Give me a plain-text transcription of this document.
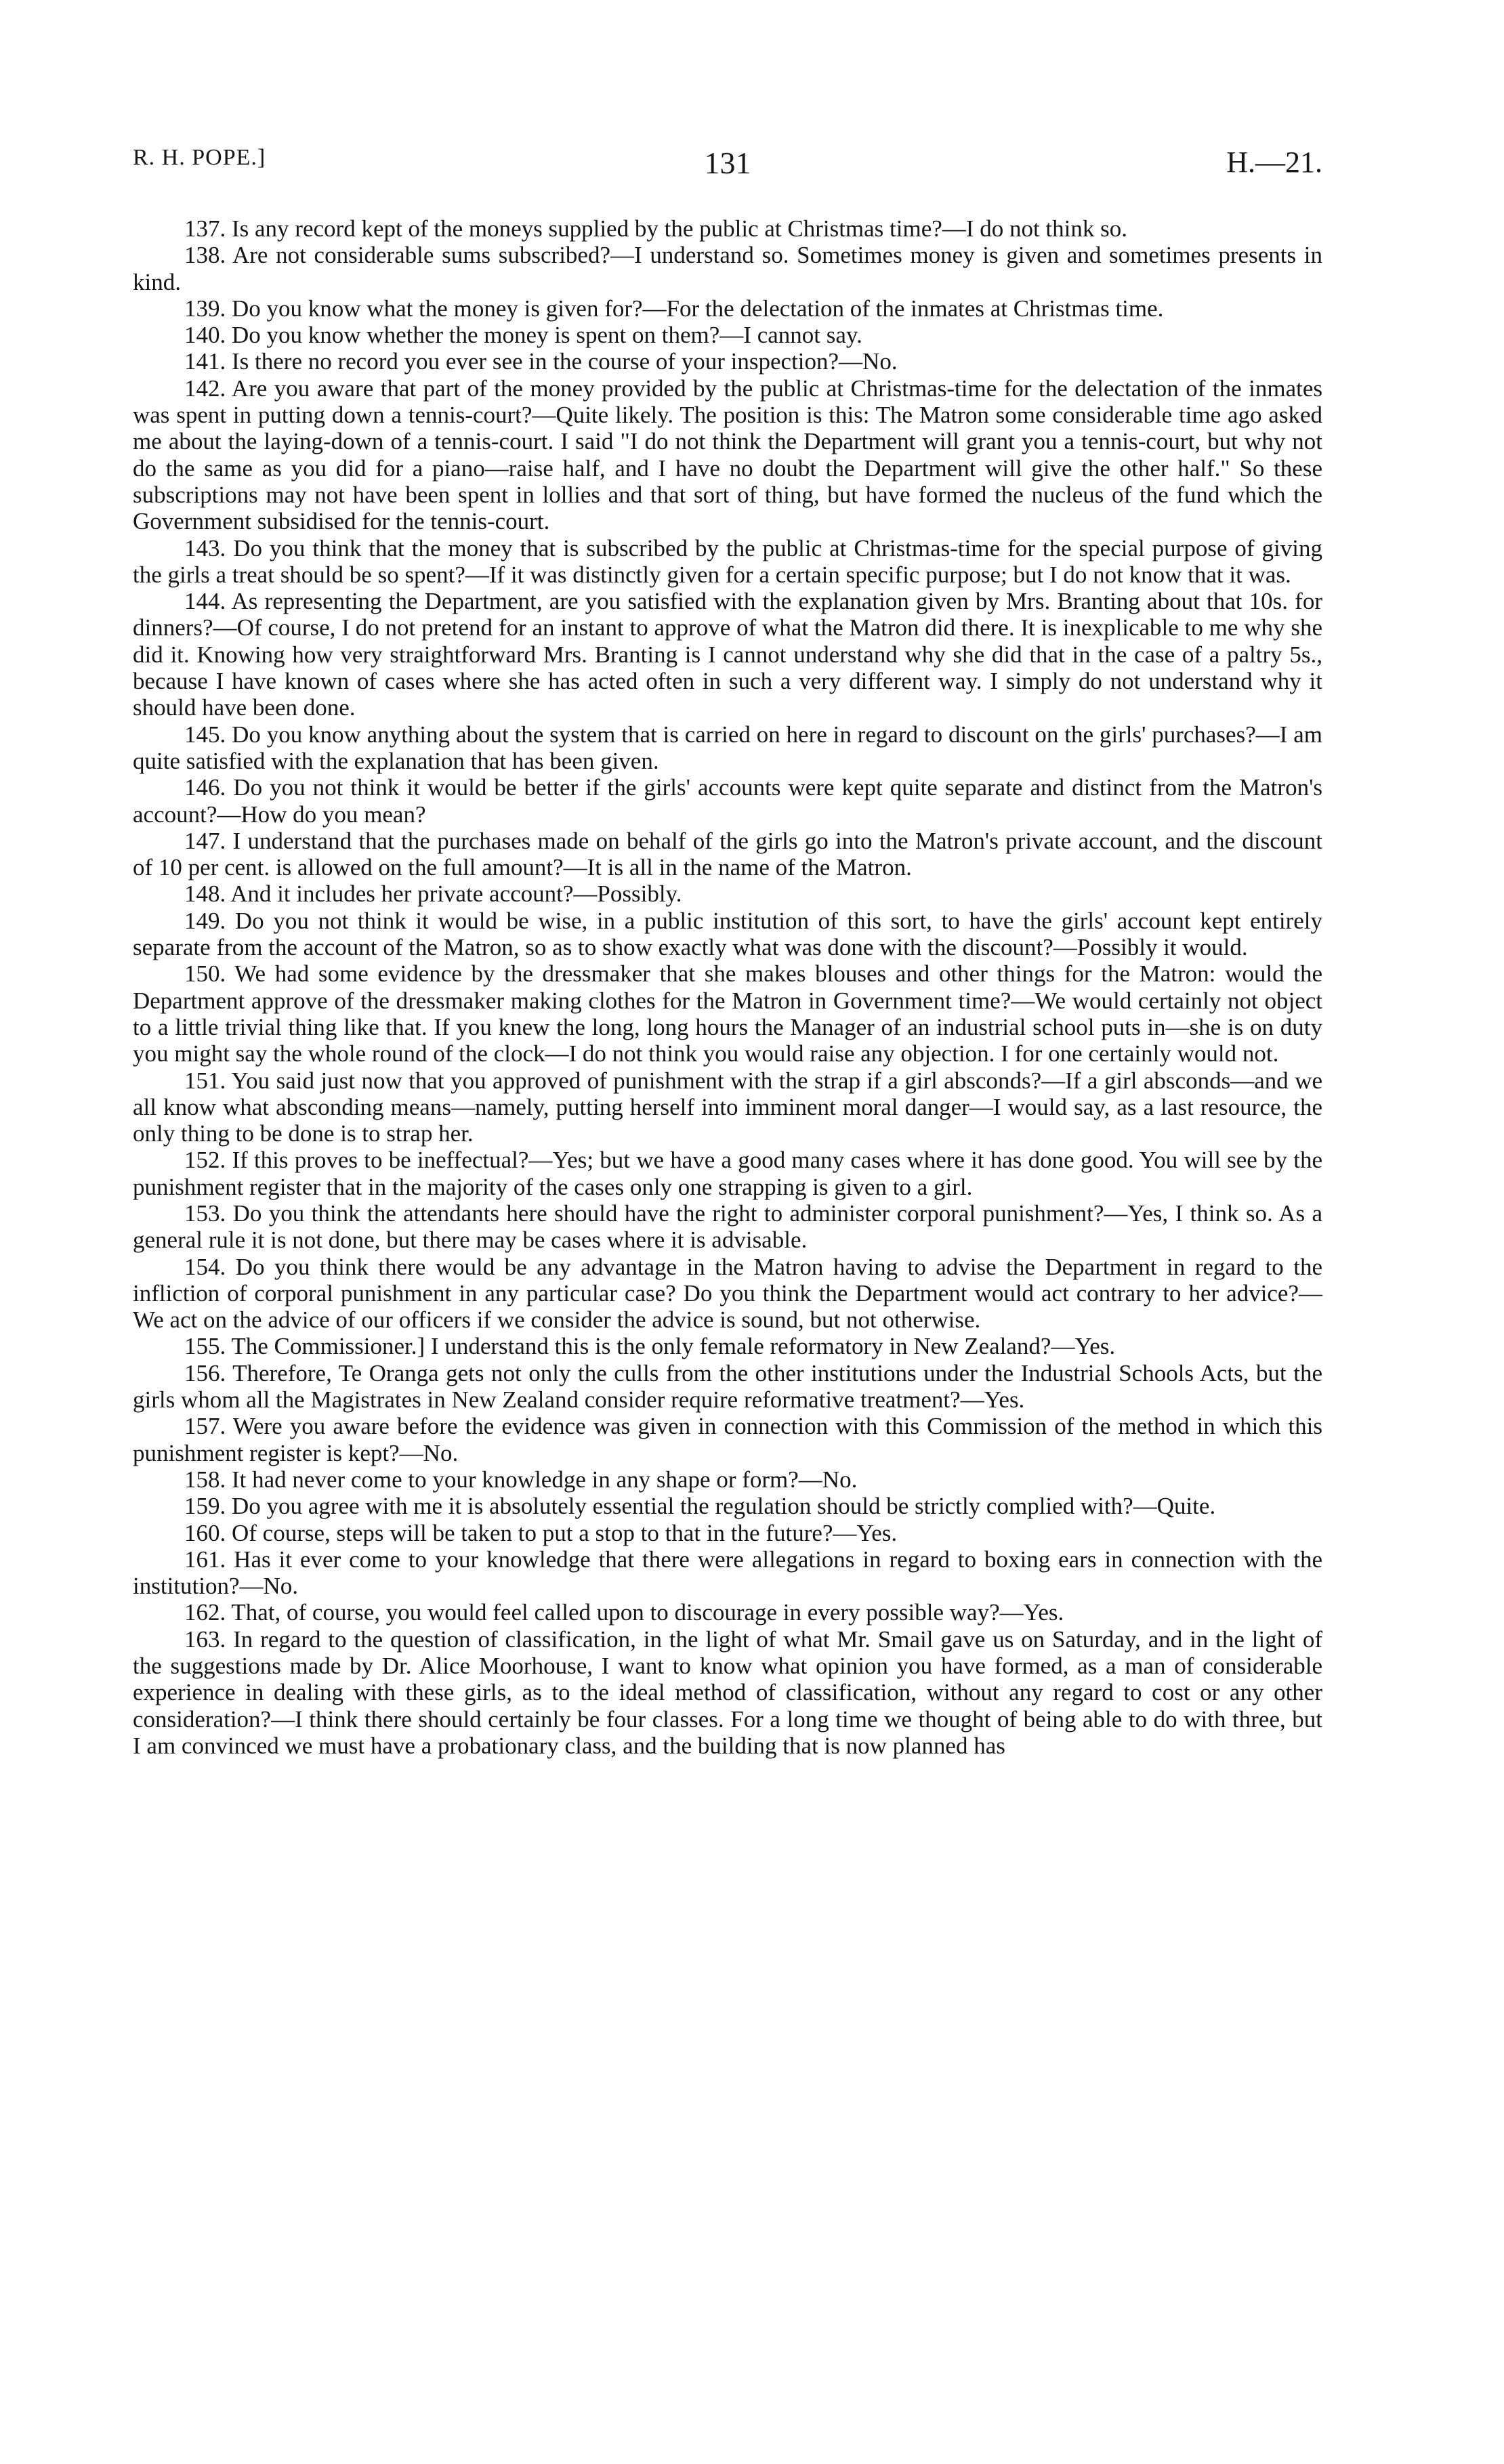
R. H. POPE.]	131	H.—21.

137. Is any record kept of the moneys supplied by the public at Christmas time?—I do not think so.

138. Are not considerable sums subscribed?—I understand so. Sometimes money is given and sometimes presents in kind.

139. Do you know what the money is given for?—For the delectation of the inmates at Christmas time.

140. Do you know whether the money is spent on them?—I cannot say.

141. Is there no record you ever see in the course of your inspection?—No.

142. Are you aware that part of the money provided by the public at Christmas-time for the delectation of the inmates was spent in putting down a tennis-court?—Quite likely. The position is this: The Matron some considerable time ago asked me about the laying-down of a tennis-court. I said "I do not think the Department will grant you a tennis-court, but why not do the same as you did for a piano—raise half, and I have no doubt the Department will give the other half." So these subscriptions may not have been spent in lollies and that sort of thing, but have formed the nucleus of the fund which the Government subsidised for the tennis-court.

143. Do you think that the money that is subscribed by the public at Christmas-time for the special purpose of giving the girls a treat should be so spent?—If it was distinctly given for a certain specific purpose; but I do not know that it was.

144. As representing the Department, are you satisfied with the explanation given by Mrs. Branting about that 10s. for dinners?—Of course, I do not pretend for an instant to approve of what the Matron did there. It is inexplicable to me why she did it. Knowing how very straightforward Mrs. Branting is I cannot understand why she did that in the case of a paltry 5s., because I have known of cases where she has acted often in such a very different way. I simply do not understand why it should have been done.

145. Do you know anything about the system that is carried on here in regard to discount on the girls' purchases?—I am quite satisfied with the explanation that has been given.

146. Do you not think it would be better if the girls' accounts were kept quite separate and distinct from the Matron's account?—How do you mean?

147. I understand that the purchases made on behalf of the girls go into the Matron's private account, and the discount of 10 per cent. is allowed on the full amount?—It is all in the name of the Matron.

148. And it includes her private account?—Possibly.

149. Do you not think it would be wise, in a public institution of this sort, to have the girls' account kept entirely separate from the account of the Matron, so as to show exactly what was done with the discount?—Possibly it would.

150. We had some evidence by the dressmaker that she makes blouses and other things for the Matron: would the Department approve of the dressmaker making clothes for the Matron in Government time?—We would certainly not object to a little trivial thing like that. If you knew the long, long hours the Manager of an industrial school puts in—she is on duty you might say the whole round of the clock—I do not think you would raise any objection. I for one certainly would not.

151. You said just now that you approved of punishment with the strap if a girl absconds?—If a girl absconds—and we all know what absconding means—namely, putting herself into imminent moral danger—I would say, as a last resource, the only thing to be done is to strap her.

152. If this proves to be ineffectual?—Yes; but we have a good many cases where it has done good. You will see by the punishment register that in the majority of the cases only one strapping is given to a girl.

153. Do you think the attendants here should have the right to administer corporal punishment?—Yes, I think so. As a general rule it is not done, but there may be cases where it is advisable.

154. Do you think there would be any advantage in the Matron having to advise the Department in regard to the infliction of corporal punishment in any particular case? Do you think the Department would act contrary to her advice?—We act on the advice of our officers if we consider the advice is sound, but not otherwise.

155. The Commissioner.] I understand this is the only female reformatory in New Zealand?—Yes.

156. Therefore, Te Oranga gets not only the culls from the other institutions under the Industrial Schools Acts, but the girls whom all the Magistrates in New Zealand consider require reformative treatment?—Yes.

157. Were you aware before the evidence was given in connection with this Commission of the method in which this punishment register is kept?—No.

158. It had never come to your knowledge in any shape or form?—No.

159. Do you agree with me it is absolutely essential the regulation should be strictly complied with?—Quite.

160. Of course, steps will be taken to put a stop to that in the future?—Yes.

161. Has it ever come to your knowledge that there were allegations in regard to boxing ears in connection with the institution?—No.

162. That, of course, you would feel called upon to discourage in every possible way?—Yes.

163. In regard to the question of classification, in the light of what Mr. Smail gave us on Saturday, and in the light of the suggestions made by Dr. Alice Moorhouse, I want to know what opinion you have formed, as a man of considerable experience in dealing with these girls, as to the ideal method of classification, without any regard to cost or any other consideration?—I think there should certainly be four classes. For a long time we thought of being able to do with three, but I am convinced we must have a probationary class, and the building that is now planned has
